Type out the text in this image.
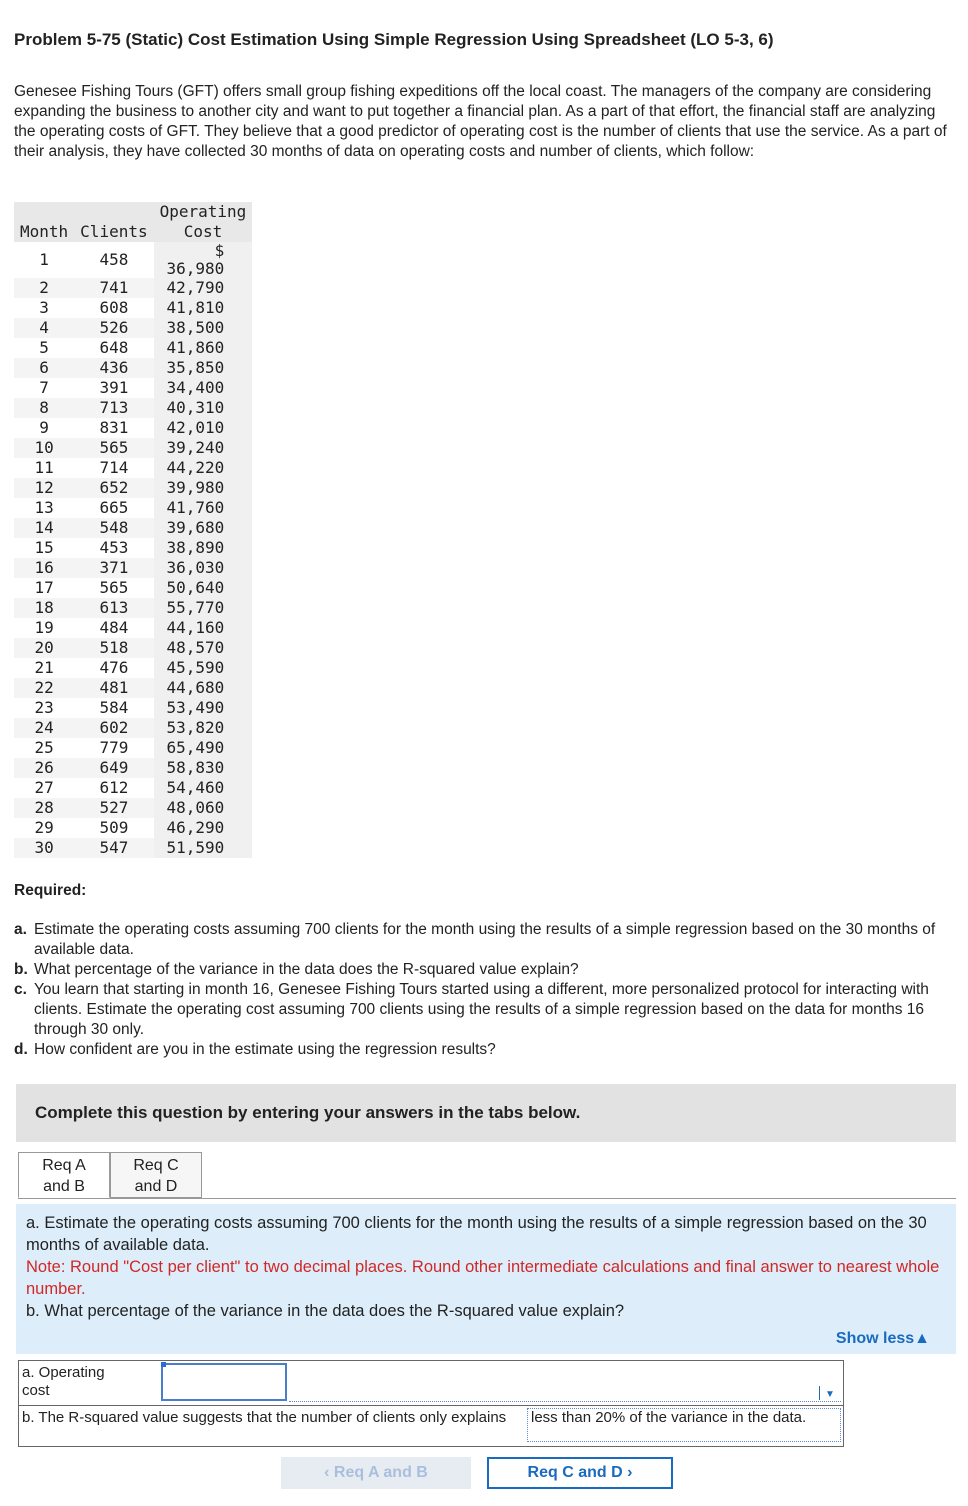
Problem 5-75 (Static) Cost Estimation Using Simple Regression Using Spreadsheet (LO 5-3, 6)
Genesee Fishing Tours (GFT) offers small group fishing expeditions off the local coast. The managers of the company are considering expanding the business to another city and want to put together a financial plan. As a part of that effort, the financial staff are analyzing the operating costs of GFT. They believe that a good predictor of operating cost is the number of clients that use the service. As a part of their analysis, they have collected 30 months of data on operating costs and number of clients, which follow:
Month	Clients	Operating
Cost
1	458	$
36,980
2	741	42,790
3	608	41,810
4	526	38,500
5	648	41,860
6	436	35,850
7	391	34,400
8	713	40,310
9	831	42,010
10	565	39,240
11	714	44,220
12	652	39,980
13	665	41,760
14	548	39,680
15	453	38,890
16	371	36,030
17	565	50,640
18	613	55,770
19	484	44,160
20	518	48,570
21	476	45,590
22	481	44,680
23	584	53,490
24	602	53,820
25	779	65,490
26	649	58,830
27	612	54,460
28	527	48,060
29	509	46,290
30	547	51,590
Required:
a. Estimate the operating costs assuming 700 clients for the month using the results of a simple regression based on the 30 months of available data.
b. What percentage of the variance in the data does the R-squared value explain?
c. You learn that starting in month 16, Genesee Fishing Tours started using a different, more personalized protocol for interacting with clients. Estimate the operating cost assuming 700 clients using the results of a simple regression based on the data for months 16 through 30 only.
d. How confident are you in the estimate using the regression results?
Complete this question by entering your answers in the tabs below.
Req A
and B
Req C
and D
a. Estimate the operating costs assuming 700 clients for the month using the results of a simple regression based on the 30 months of available data.
Note: Round "Cost per client" to two decimal places. Round other intermediate calculations and final answer to nearest whole number.
b. What percentage of the variance in the data does the R-squared value explain?
Show less▲
a. Operating
cost	▼
b. The R-squared value suggests that the number of clients only explains	less than 20% of the variance in the data.
‹ Req A and B	Req C and D ›
